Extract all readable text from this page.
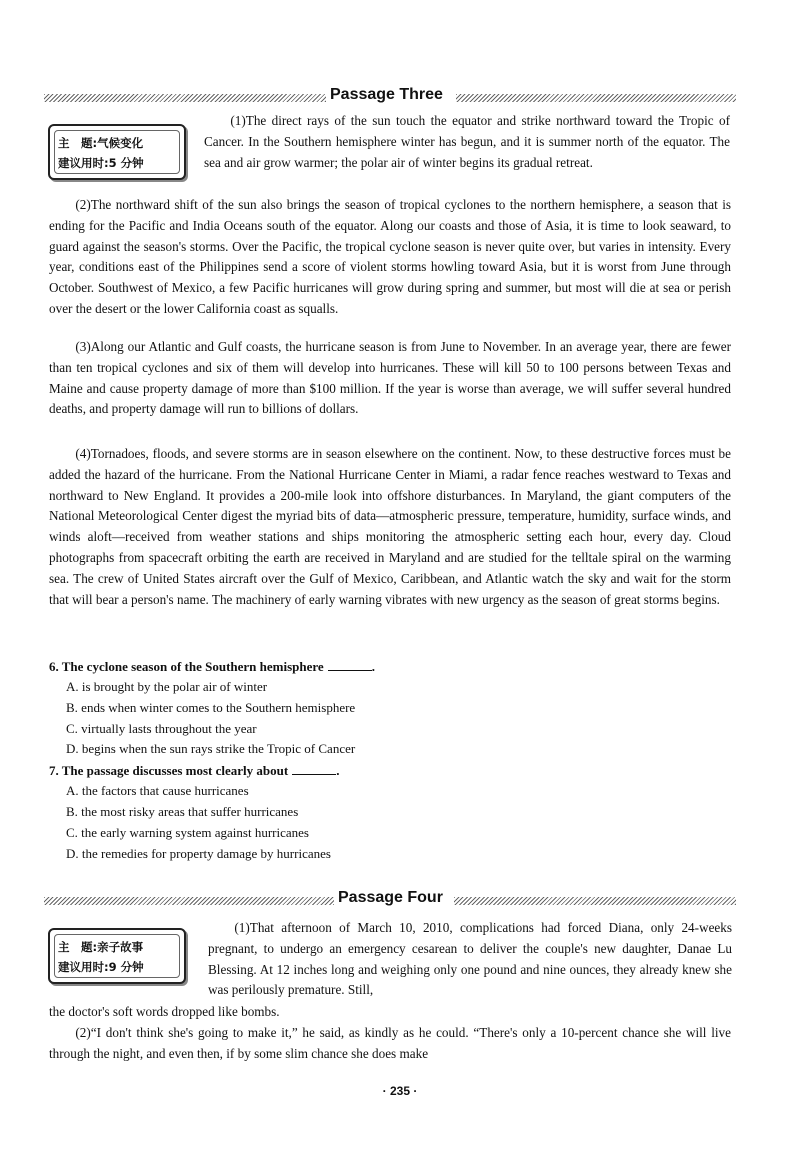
Passage Three
主　题:气候变化
建议用时:5 分钟

(1)The direct rays of the sun touch the equator and strike northward toward the Tropic of Cancer. In the Southern hemisphere winter has begun, and it is summer north of the equator. The sea and air grow warmer; the polar air of winter begins its gradual retreat.

(2)The northward shift of the sun also brings the season of tropical cyclones to the northern hemisphere, a season that is ending for the Pacific and India Oceans south of the equator. Along our coasts and those of Asia, it is time to look seaward, to guard against the season's storms. Over the Pacific, the tropical cyclone season is never quite over, but varies in intensity. Every year, conditions east of the Philippines send a score of violent storms howling toward Asia, but it is worst from June through October. Southwest of Mexico, a few Pacific hurricanes will grow during spring and summer, but most will die at sea or perish over the desert or the lower California coast as squalls.

(3)Along our Atlantic and Gulf coasts, the hurricane season is from June to November. In an average year, there are fewer than ten tropical cyclones and six of them will develop into hurricanes. These will kill 50 to 100 persons between Texas and Maine and cause property damage of more than $100 million. If the year is worse than average, we will suffer several hundred deaths, and property damage will run to billions of dollars.

(4)Tornadoes, floods, and severe storms are in season elsewhere on the continent. Now, to these destructive forces must be added the hazard of the hurricane. From the National Hurricane Center in Miami, a radar fence reaches westward to Texas and northward to New England. It provides a 200-mile look into offshore disturbances. In Maryland, the giant computers of the National Meteorological Center digest the myriad bits of data—atmospheric pressure, temperature, humidity, surface winds, and winds aloft—received from weather stations and ships monitoring the atmospheric setting each hour, every day. Cloud photographs from spacecraft orbiting the earth are received in Maryland and are studied for the telltale spiral on the warming sea. The crew of United States aircraft over the Gulf of Mexico, Caribbean, and Atlantic watch the sky and wait for the storm that will bear a person's name. The machinery of early warning vibrates with new urgency as the season of great storms begins.

6. The cyclone season of the Southern hemisphere	.
A. is brought by the polar air of winter
B. ends when winter comes to the Southern hemisphere
C. virtually lasts throughout the year
D. begins when the sun rays strike the Tropic of Cancer
7. The passage discusses most clearly about	.
A. the factors that cause hurricanes
B. the most risky areas that suffer hurricanes
C. the early warning system against hurricanes
D. the remedies for property damage by hurricanes
Passage Four
主　题:亲子故事
建议用时:9 分钟

(1)That afternoon of March 10, 2010, complications had forced Diana, only 24-weeks pregnant, to undergo an emergency cesarean to deliver the couple's new daughter, Danae Lu Blessing. At 12 inches long and weighing only one pound and nine ounces, they already knew she was perilously premature. Still,

the doctor's soft words dropped like bombs.

(2)“I don't think she's going to make it,” he said, as kindly as he could. “There's only a 10-percent chance she will live through the night, and even then, if by some slim chance she does make

· 235 ·
